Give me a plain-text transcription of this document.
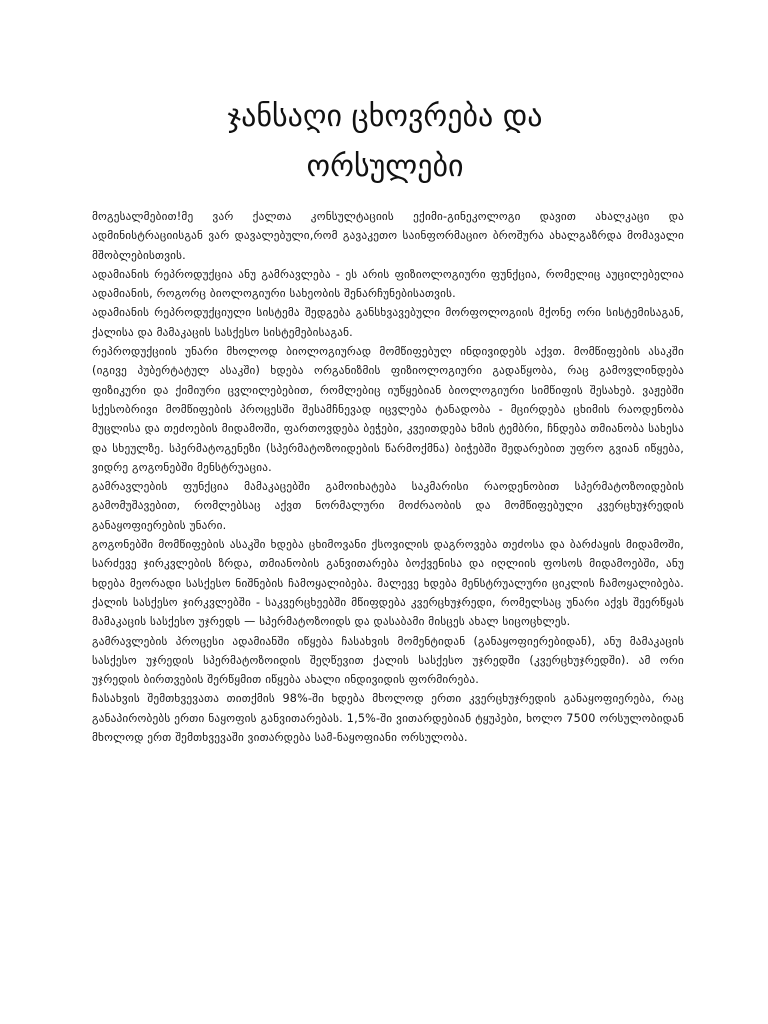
ჯანსაღი ცხოვრება და
ორსულები

მოგესალმებით!მე ვარ ქალთა კონსულტაციის ექიმი-გინეკოლოგი დავით ახალკაცი და ადმინისტრაციისგან ვარ დავალებული,რომ გავაკეთო საინფორმაციო ბროშურა ახალგაზრდა მომავალი მშობლებისთვის.

ადამიანის რეპროდუქცია ანუ გამრავლება - ეს არის ფიზიოლოგიური ფუნქცია, რომელიც აუცილებელია ადამიანის, როგორც ბიოლოგიური სახეობის შენარჩუნებისათვის.

ადამიანის რეპროდუქციული სისტემა შედგება განსხვავებული მორფოლოგიის მქონე ორი სისტემისაგან, ქალისა და მამაკაცის სასქესო სისტემებისაგან.

რეპროდუქციის უნარი მხოლოდ ბიოლოგიურად მომწიფებულ ინდივიდებს აქვთ. მომწიფების ასაკში (იგივე პუბერტატულ ასაკში) ხდება ორგანიზმის ფიზიოლოგიური გადაწყობა, რაც გამოვლინდება ფიზიკური და ქიმიური ცვლილებებით, რომლებიც იუწყებიან ბიოლოგიური სიმწიფის შესახებ. ვაჟებში სქესობრივი მომწიფების პროცესში შესამჩნევად იცვლება ტანადობა - მცირდება ცხიმის რაოდენობა მუცლისა და თეძოების მიდამოში, ფართოვდება ბეჭები, კვეითდება ხმის ტემბრი, ჩნდება თმიანობა სახესა და სხეულზე. სპერმატოგენეზი (სპერმატოზოიდების წარმოქმნა) ბიჭებში შედარებით უფრო გვიან იწყება, ვიდრე გოგონებში მენსტრუაცია.

გამრავლების ფუნქცია მამაკაცებში გამოიხატება საკმარისი რაოდენობით სპერმატოზოიდების გამომუშავებით, რომლებსაც აქვთ ნორმალური მოძრაობის და მომწიფებული კვერცხუჯრედის განაყოფიერების უნარი.

გოგონებში მომწიფების ასაკში ხდება ცხიმოვანი ქსოვილის დაგროვება თეძოსა და ბარძაყის მიდამოში, სარძევე ჯირკვლების ზრდა, თმიანობის განვითარება ბოქვენისა და იღლიის ფოსოს მიდამოებში, ანუ ხდება მეორადი სასქესო ნიშნების ჩამოყალიბება. მალევე ხდება მენსტრუალური ციკლის ჩამოყალიბება. ქალის სასქესო ჯირკვლებში - საკვერცხეებში მწიფდება კვერცხუჯრედი, რომელსაც უნარი აქვს შეერწყას მამაკაცის სასქესო უჯრედს — სპერმატოზოიდს და დასაბამი მისცეს ახალ სიცოცხლეს.

გამრავლების პროცესი ადამიანში იწყება ჩასახვის მომენტიდან (განაყოფიერებიდან), ანუ მამაკაცის სასქესო უჯრედის სპერმატოზოიდის შეღწევით ქალის სასქესო უჯრედში (კვერცხუჯრედში). ამ ორი უჯრედის ბირთვების შერწყმით იწყება ახალი ინდივიდის ფორმირება.

ჩასახვის შემთხვევათა თითქმის 98%-ში ხდება მხოლოდ ერთი კვერცხუჯრედის განაყოფიერება, რაც განაპირობებს ერთი ნაყოფის განვითარებას. 1,5%-ში ვითარდებიან ტყუპები, ხოლო 7500 ორსულობიდან მხოლოდ ერთ შემთხვევაში ვითარდება სამ-ნაყოფიანი ორსულობა.
